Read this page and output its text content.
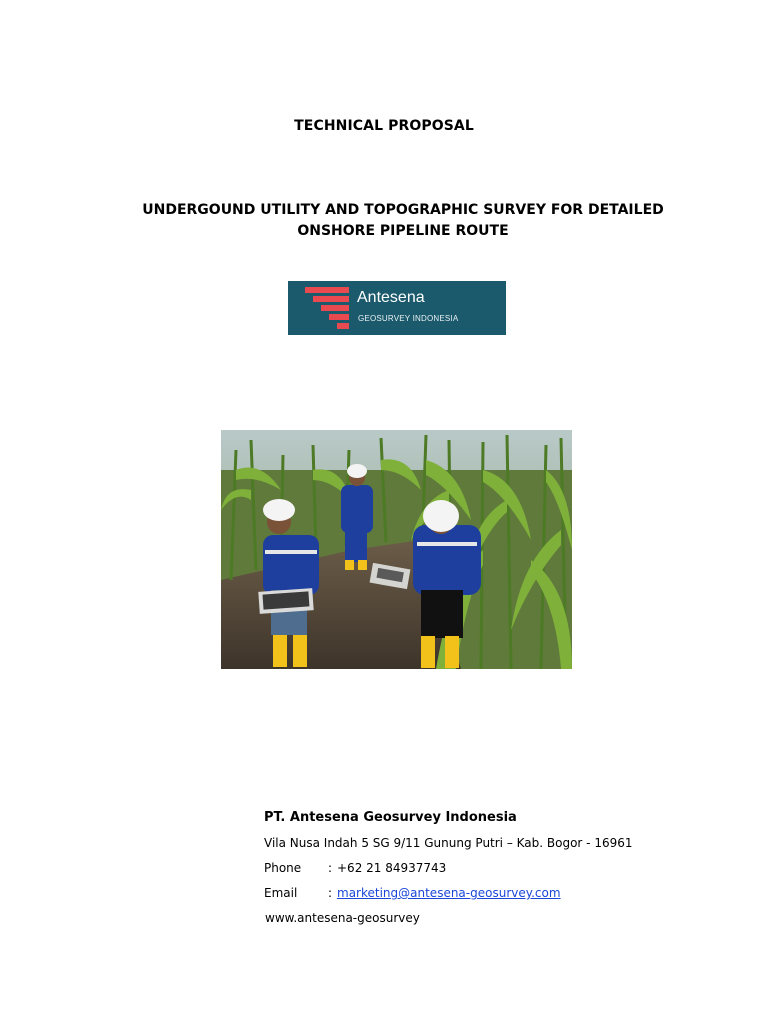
TECHNICAL PROPOSAL
UNDERGOUND UTILITY AND TOPOGRAPHIC SURVEY FOR DETAILED
ONSHORE PIPELINE ROUTE
Antesena
GEOSURVEY INDONESIA
PT. Antesena Geosurvey Indonesia
Vila Nusa Indah 5 SG 9/11 Gunung Putri – Kab. Bogor - 16961
Phone : +62 21 84937743
Email	: marketing@antesena-geosurvey.com
www.antesena-geosurvey
